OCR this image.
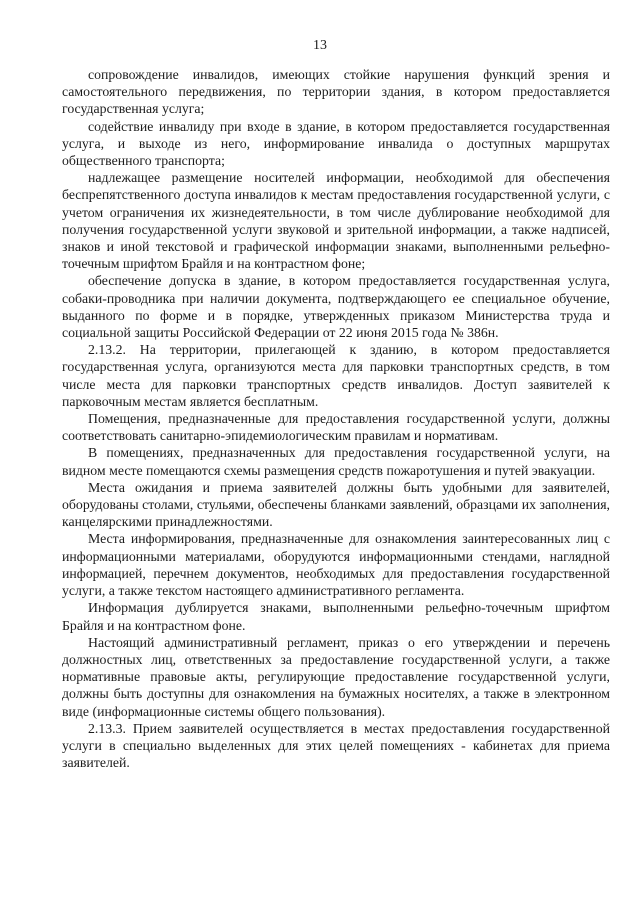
13

сопровождение инвалидов, имеющих стойкие нарушения функций зрения и самостоятельного передвижения, по территории здания, в котором предоставляется государственная услуга;

содействие инвалиду при входе в здание, в котором предоставляется государственная услуга, и выходе из него, информирование инвалида о доступных маршрутах общественного транспорта;

надлежащее размещение носителей информации, необходимой для обеспечения беспрепятственного доступа инвалидов к местам предоставления государственной услуги, с учетом ограничения их жизнедеятельности, в том числе дублирование необходимой для получения государственной услуги звуковой и зрительной информации, а также надписей, знаков и иной текстовой и графической информации знаками, выполненными рельефно-точечным шрифтом Брайля и на контрастном фоне;

обеспечение допуска в здание, в котором предоставляется государственная услуга, собаки-проводника при наличии документа, подтверждающего ее специальное обучение, выданного по форме и в порядке, утвержденных приказом Министерства труда и социальной защиты Российской Федерации от 22 июня 2015 года № 386н.

2.13.2. На территории, прилегающей к зданию, в котором предоставляется государственная услуга, организуются места для парковки транспортных средств, в том числе места для парковки транспортных средств инвалидов. Доступ заявителей к парковочным местам является бесплатным.

Помещения, предназначенные для предоставления государственной услуги, должны соответствовать санитарно-эпидемиологическим правилам и нормативам.

В помещениях, предназначенных для предоставления государственной услуги, на видном месте помещаются схемы размещения средств пожаротушения и путей эвакуации.

Места ожидания и приема заявителей должны быть удобными для заявителей, оборудованы столами, стульями, обеспечены бланками заявлений, образцами их заполнения, канцелярскими принадлежностями.

Места информирования, предназначенные для ознакомления заинтересованных лиц с информационными материалами, оборудуются информационными стендами, наглядной информацией, перечнем документов, необходимых для предоставления государственной услуги, а также текстом настоящего административного регламента.

Информация дублируется знаками, выполненными рельефно-точечным шрифтом Брайля и на контрастном фоне.

Настоящий административный регламент, приказ о его утверждении и перечень должностных лиц, ответственных за предоставление государственной услуги, а также нормативные правовые акты, регулирующие предоставление государственной услуги, должны быть доступны для ознакомления на бумажных носителях, а также в электронном виде (информационные системы общего пользования).

2.13.3. Прием заявителей осуществляется в местах предоставления государственной услуги в специально выделенных для этих целей помещениях - кабинетах для приема заявителей.
